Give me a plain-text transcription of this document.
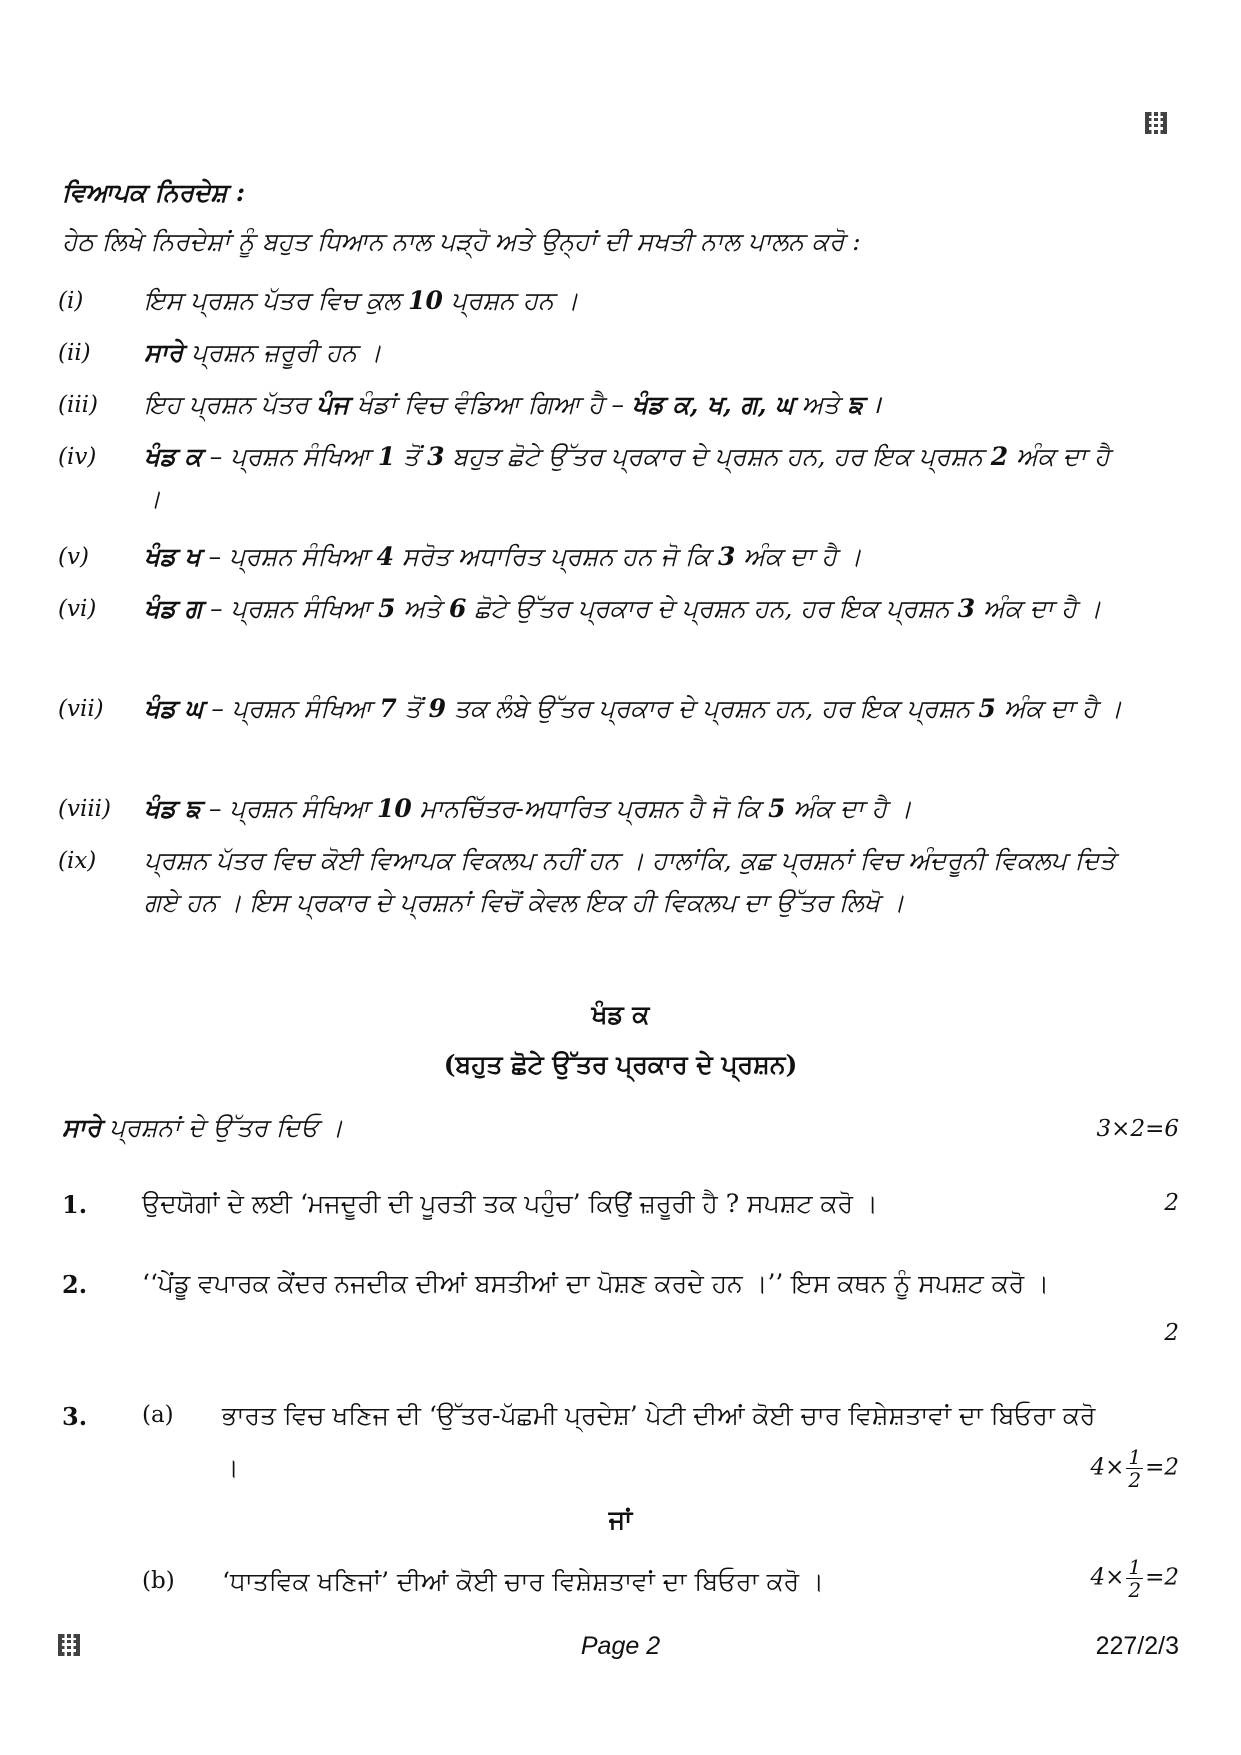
ਵਿਆਪਕ ਨਿਰਦੇਸ਼ :
ਹੇਠ ਲਿਖੇ ਨਿਰਦੇਸ਼ਾਂ ਨੂੰ ਬਹੁਤ ਧਿਆਨ ਨਾਲ ਪੜ੍ਹੋ ਅਤੇ ਉਨ੍ਹਾਂ ਦੀ ਸਖਤੀ ਨਾਲ ਪਾਲਨ ਕਰੋ :
(i)	ਇਸ ਪ੍ਰਸ਼ਨ ਪੱਤਰ ਵਿਚ ਕੁਲ 10 ਪ੍ਰਸ਼ਨ ਹਨ ।
(ii)	ਸਾਰੇ ਪ੍ਰਸ਼ਨ ਜ਼ਰੂਰੀ ਹਨ ।
(iii)	ਇਹ ਪ੍ਰਸ਼ਨ ਪੱਤਰ ਪੰਜ ਖੰਡਾਂ ਵਿਚ ਵੰਡਿਆ ਗਿਆ ਹੈ – ਖੰਡ ਕ, ਖ, ਗ, ਘ ਅਤੇ ਙ ।
(iv)	ਖੰਡ ਕ – ਪ੍ਰਸ਼ਨ ਸੰਖਿਆ 1 ਤੋਂ 3 ਬਹੁਤ ਛੋਟੇ ਉੱਤਰ ਪ੍ਰਕਾਰ ਦੇ ਪ੍ਰਸ਼ਨ ਹਨ, ਹਰ ਇਕ ਪ੍ਰਸ਼ਨ 2 ਅੰਕ ਦਾ ਹੈ ।
(v)	ਖੰਡ ਖ – ਪ੍ਰਸ਼ਨ ਸੰਖਿਆ 4 ਸਰੋਤ ਅਧਾਰਿਤ ਪ੍ਰਸ਼ਨ ਹਨ ਜੋ ਕਿ 3 ਅੰਕ ਦਾ ਹੈ ।
(vi)	ਖੰਡ ਗ – ਪ੍ਰਸ਼ਨ ਸੰਖਿਆ 5 ਅਤੇ 6 ਛੋਟੇ ਉੱਤਰ ਪ੍ਰਕਾਰ ਦੇ ਪ੍ਰਸ਼ਨ ਹਨ, ਹਰ ਇਕ ਪ੍ਰਸ਼ਨ 3 ਅੰਕ ਦਾ ਹੈ ।
(vii)	ਖੰਡ ਘ – ਪ੍ਰਸ਼ਨ ਸੰਖਿਆ 7 ਤੋਂ 9 ਤਕ ਲੰਬੇ ਉੱਤਰ ਪ੍ਰਕਾਰ ਦੇ ਪ੍ਰਸ਼ਨ ਹਨ, ਹਰ ਇਕ ਪ੍ਰਸ਼ਨ 5 ਅੰਕ ਦਾ ਹੈ ।
(viii)	ਖੰਡ ਙ – ਪ੍ਰਸ਼ਨ ਸੰਖਿਆ 10 ਮਾਨਚਿੱਤਰ-ਅਧਾਰਿਤ ਪ੍ਰਸ਼ਨ ਹੈ ਜੋ ਕਿ 5 ਅੰਕ ਦਾ ਹੈ ।
(ix)	ਪ੍ਰਸ਼ਨ ਪੱਤਰ ਵਿਚ ਕੋਈ ਵਿਆਪਕ ਵਿਕਲਪ ਨਹੀਂ ਹਨ । ਹਾਲਾਂਕਿ, ਕੁਛ ਪ੍ਰਸ਼ਨਾਂ ਵਿਚ ਅੰਦਰੂਨੀ ਵਿਕਲਪ ਦਿਤੇ ਗਏ ਹਨ । ਇਸ ਪ੍ਰਕਾਰ ਦੇ ਪ੍ਰਸ਼ਨਾਂ ਵਿਚੋਂ ਕੇਵਲ ਇਕ ਹੀ ਵਿਕਲਪ ਦਾ ਉੱਤਰ ਲਿਖੋ ।
ਖੰਡ ਕ
(ਬਹੁਤ ਛੋਟੇ ਉੱਤਰ ਪ੍ਰਕਾਰ ਦੇ ਪ੍ਰਸ਼ਨ)
ਸਾਰੇ ਪ੍ਰਸ਼ਨਾਂ ਦੇ ਉੱਤਰ ਦਿਓ ।	3×2=6
1. ਉਦਯੋਗਾਂ ਦੇ ਲਈ ‘ਮਜਦੂਰੀ ਦੀ ਪੂਰਤੀ ਤਕ ਪਹੁੰਚ’ ਕਿਉਂ ਜ਼ਰੂਰੀ ਹੈ ? ਸਪਸ਼ਟ ਕਰੋ ।	2
2. ‘‘ਪੇਂਡੂ ਵਪਾਰਕ ਕੇਂਦਰ ਨਜਦੀਕ ਦੀਆਂ ਬਸਤੀਆਂ ਦਾ ਪੋਸ਼ਣ ਕਰਦੇ ਹਨ ।’’ ਇਸ ਕਥਨ ਨੂੰ ਸਪਸ਼ਟ ਕਰੋ ।
2
3. (a) ਭਾਰਤ ਵਿਚ ਖਣਿਜ ਦੀ ‘ਉੱਤਰ-ਪੱਛਮੀ ਪ੍ਰਦੇਸ਼’ ਪੇਟੀ ਦੀਆਂ ਕੋਈ ਚਾਰ ਵਿਸ਼ੇਸ਼ਤਾਵਾਂ ਦਾ ਬਿਓਰਾ ਕਰੋ ।	$4\times \frac{1}{2} =2$
ਜਾਂ
(b) ‘ਧਾਤਵਿਕ ਖਣਿਜਾਂ’ ਦੀਆਂ ਕੋਈ ਚਾਰ ਵਿਸ਼ੇਸ਼ਤਾਵਾਂ ਦਾ ਬਿਓਰਾ ਕਰੋ ।	$4\times \frac{1}{2} =2$
Page 2	227/2/3
